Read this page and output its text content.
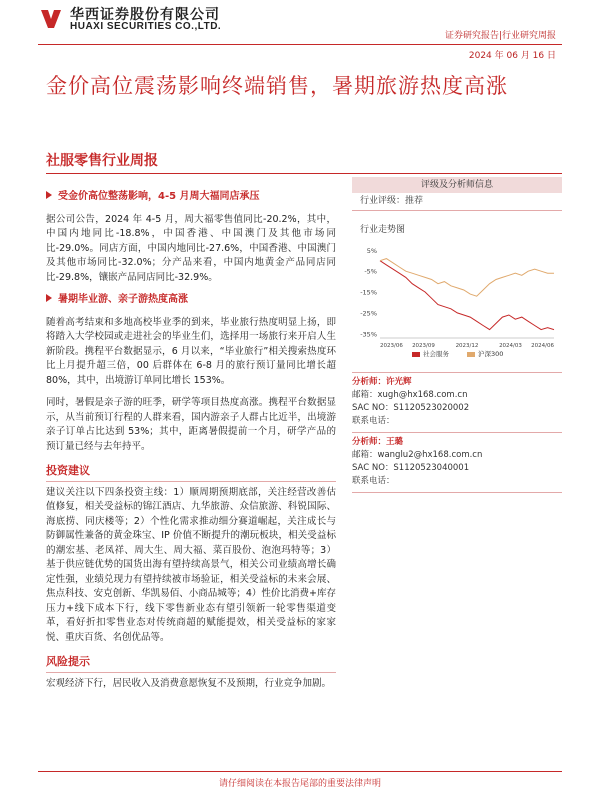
华西证券股份有限公司
HUAXI SECURITIES CO.,LTD.
证券研究报告|行业研究周报
2024 年 06 月 16 日
金价高位震荡影响终端销售，暑期旅游热度高涨
社服零售行业周报
受金价高位整荡影响，4-5 月周大福同店承压
据公司公告，2024 年 4-5 月，周大福零售值同比-20.2%，其中，中国内地同比-18.8%，中国香港、中国澳门及其他市场同比-29.0%。同店方面，中国内地同比-27.6%，中国香港、中国澳门及其他市场同比-32.0%；分产品来看，中国内地黄金产品同店同比-29.8%，镶嵌产品同店同比-32.9%。
暑期毕业游、亲子游热度高涨
随着高考结束和多地高校毕业季的到来，毕业旅行热度明显上扬，即将踏入大学校园或走进社会的毕业生们，选择用一场旅行来开启人生新阶段。携程平台数据显示，6 月以来，“毕业旅行”相关搜索热度环比上月提升超三倍，00 后群体在 6-8 月的旅行预订量同比增长超 80%，其中，出境游订单同比增长 153%。
同时，暑假是亲子游的旺季，研学等项目热度高涨。携程平台数据显示，从当前预订行程的人群来看，国内游亲子人群占比近半，出境游亲子订单占比达到 53%；其中，距离暑假提前一个月，研学产品的预订量已经与去年持平。
投资建议
建议关注以下四条投资主线：1）顺周期预期底部，关注经营改善估值修复，相关受益标的锦江酒店、九华旅游、众信旅游、科锐国际、海底捞、同庆楼等；2）个性化需求推动细分赛道崛起，关注成长与防御属性兼备的黄金珠宝、IP 价值不断提升的潮玩板块，相关受益标的潮宏基、老凤祥、周大生、周大福、菜百股份、泡泡玛特等；3）基于供应链优势的国货出海有望持续高景气，相关公司业绩高增长确定性强，业绩兑现力有望持续被市场验证，相关受益标的未来会展、焦点科技、安克创新、华凯易佰、小商品城等；4）性价比消费+库存压力+线下成本下行，线下零售新业态有望引领新一轮零售渠道变革，看好折扣零售业态对传统商超的赋能提效，相关受益标的家家悦、重庆百货、名创优品等。
风险提示
宏观经济下行，居民收入及消费意愿恢复不及预期，行业竞争加剧。
评级及分析师信息
行业评级：推荐
行业走势图
5%
-5%
-15%
-25%
-35%
2023/06 2023/09	2023/12	2024/03 2024/06
社会服务	沪深300
分析师：许光辉
邮箱：xugh@hx168.com.cn
SAC NO：S1120523020002
联系电话：
分析师：王璐
邮箱：wanglu2@hx168.com.cn
SAC NO：S1120523040001
联系电话：
请仔细阅读在本报告尾部的重要法律声明
